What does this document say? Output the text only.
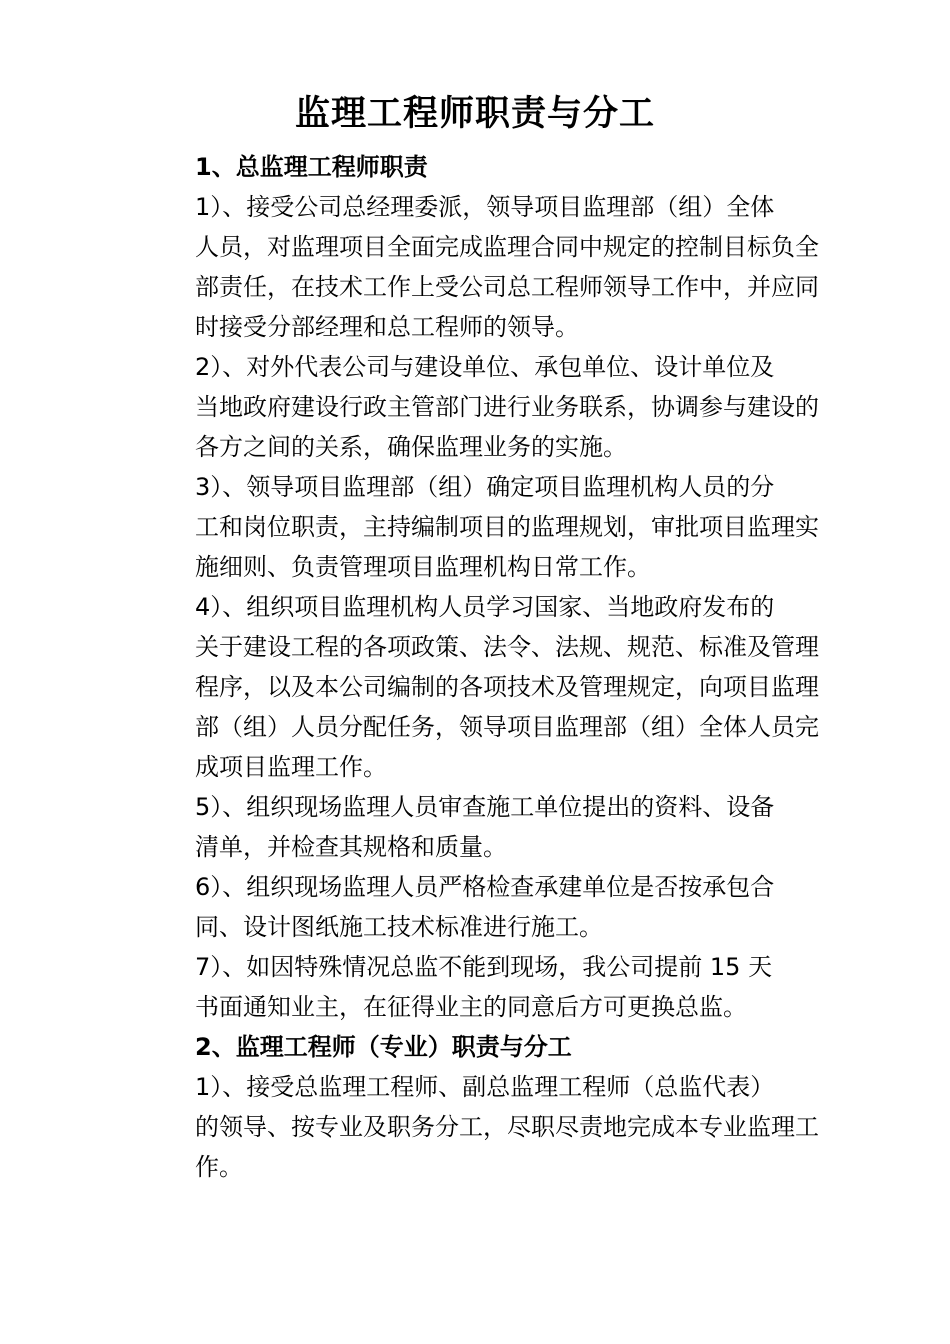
监理工程师职责与分工
1、总监理工程师职责
1）、接受公司总经理委派，领导项目监理部（组）全体
人员，对监理项目全面完成监理合同中规定的控制目标负全
部责任，在技术工作上受公司总工程师领导工作中，并应同
时接受分部经理和总工程师的领导。
2）、对外代表公司与建设单位、承包单位、设计单位及
当地政府建设行政主管部门进行业务联系，协调参与建设的
各方之间的关系，确保监理业务的实施。
3）、领导项目监理部（组）确定项目监理机构人员的分
工和岗位职责，主持编制项目的监理规划，审批项目监理实
施细则、负责管理项目监理机构日常工作。
4）、组织项目监理机构人员学习国家、当地政府发布的
关于建设工程的各项政策、法令、法规、规范、标准及管理
程序，以及本公司编制的各项技术及管理规定，向项目监理
部（组）人员分配任务，领导项目监理部（组）全体人员完
成项目监理工作。
5）、组织现场监理人员审查施工单位提出的资料、设备
清单，并检查其规格和质量。
6）、组织现场监理人员严格检查承建单位是否按承包合
同、设计图纸施工技术标准进行施工。
7）、如因特殊情况总监不能到现场，我公司提前 15 天
书面通知业主，在征得业主的同意后方可更换总监。
2、监理工程师（专业）职责与分工
1）、接受总监理工程师、副总监理工程师（总监代表）
的领导、按专业及职务分工，尽职尽责地完成本专业监理工
作。
